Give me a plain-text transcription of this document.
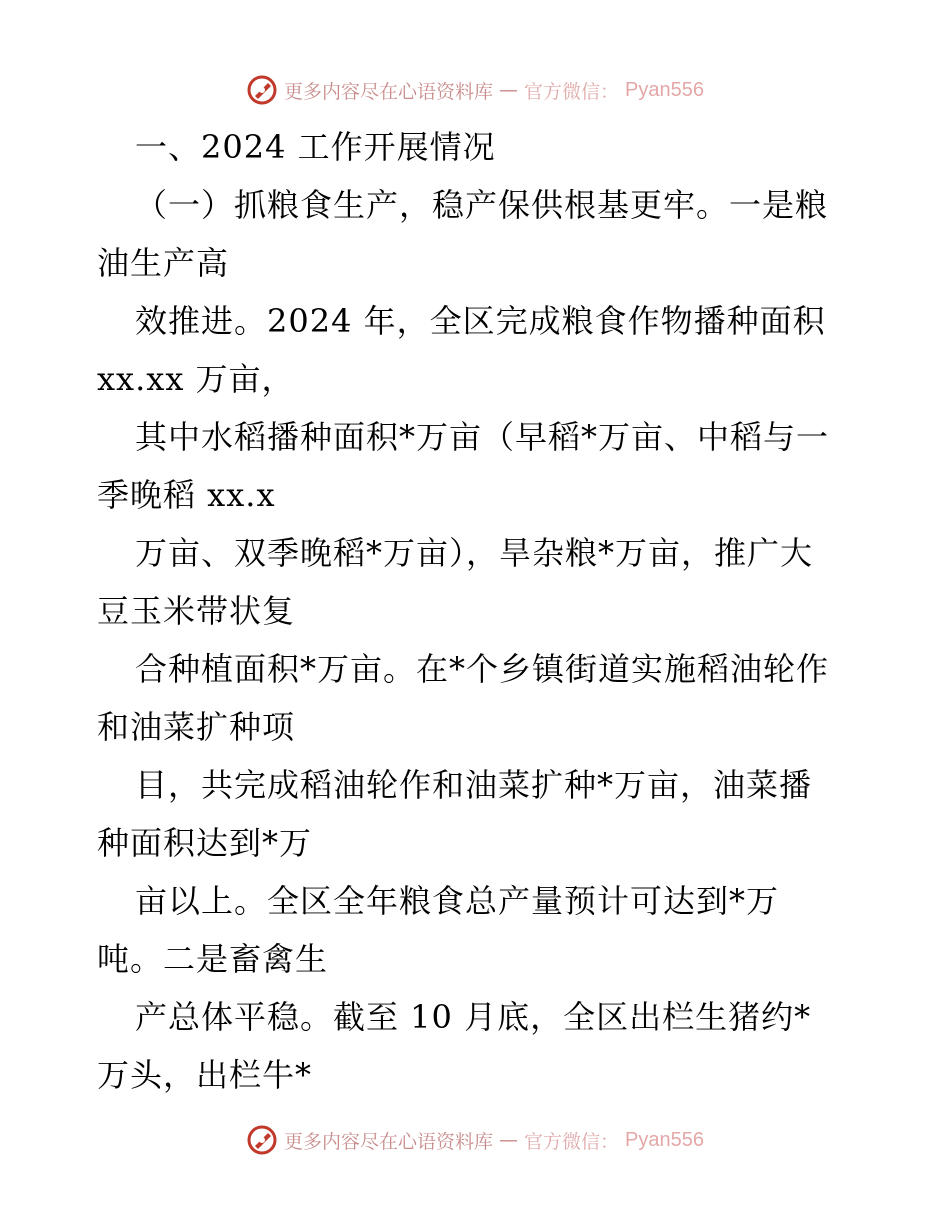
更多内容尽在心语资料库 — 官方微信： Pyan556
一、2024 工作开展情况
（一）抓粮食生产，稳产保供根基更牢。一是粮
油生产高
效推进。2024 年，全区完成粮食作物播种面积
xx.xx 万亩，
其中水稻播种面积*万亩（早稻*万亩、中稻与一
季晚稻 xx.x
万亩、双季晚稻*万亩），旱杂粮*万亩，推广大
豆玉米带状复
合种植面积*万亩。在*个乡镇街道实施稻油轮作
和油菜扩种项
目，共完成稻油轮作和油菜扩种*万亩，油菜播
种面积达到*万
亩以上。全区全年粮食总产量预计可达到*万
吨。二是畜禽生
产总体平稳。截至 10 月底，全区出栏生猪约*
万头，出栏牛*
更多内容尽在心语资料库 — 官方微信： Pyan556
